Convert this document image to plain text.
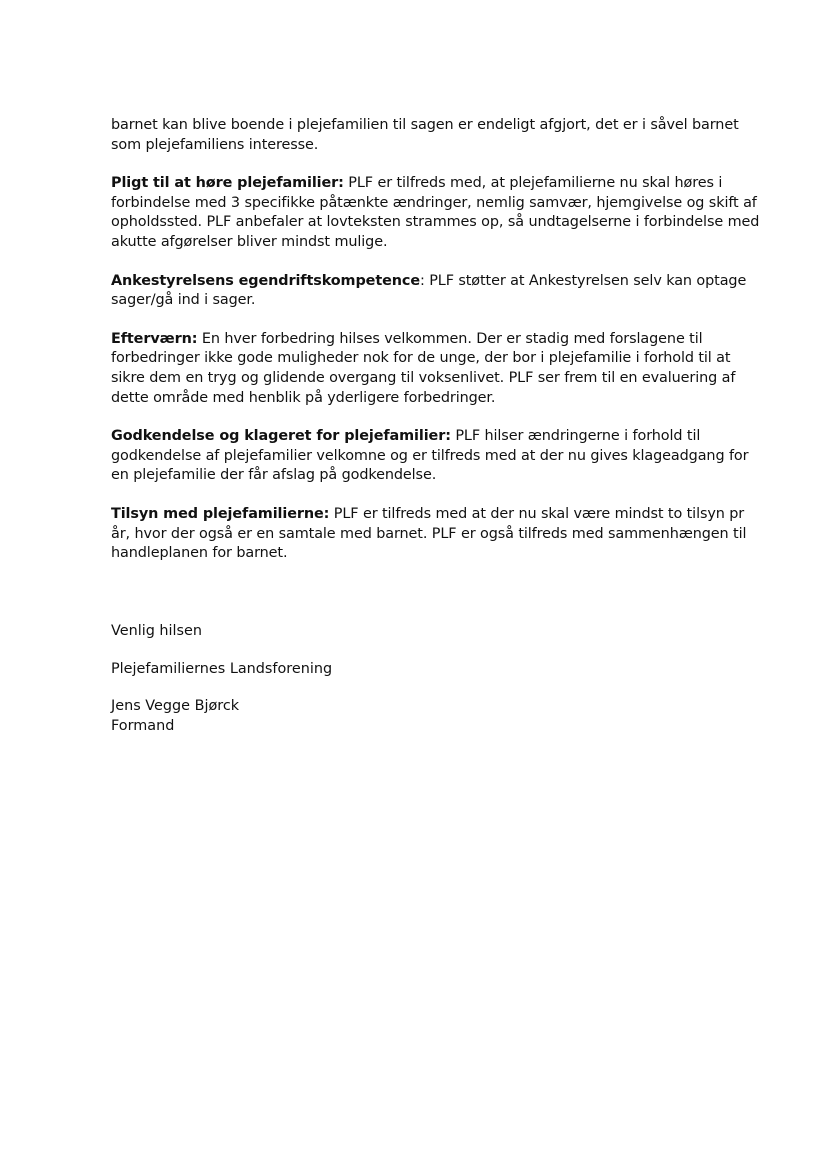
barnet kan blive boende i plejefamilien til sagen er endeligt afgjort, det er i såvel barnet som plejefamiliens interesse.

Pligt til at høre plejefamilier: PLF er tilfreds med, at plejefamilierne nu skal høres i forbindelse med 3 specifikke påtænkte ændringer, nemlig samvær, hjemgivelse og skift af opholdssted. PLF anbefaler at lovteksten strammes op, så undtagelserne i forbindelse med akutte afgørelser bliver mindst mulige.

Ankestyrelsens egendriftskompetence: PLF støtter at Ankestyrelsen selv kan optage sager/gå ind i sager.

Efterværn: En hver forbedring hilses velkommen. Der er stadig med forslagene til forbedringer ikke gode muligheder nok for de unge, der bor i plejefamilie i forhold til at sikre dem en tryg og glidende overgang til voksenlivet. PLF ser frem til en evaluering af dette område med henblik på yderligere forbedringer.

Godkendelse og klageret for plejefamilier: PLF hilser ændringerne i forhold til godkendelse af plejefamilier velkomne og er tilfreds med at der nu gives klageadgang for en plejefamilie der får afslag på godkendelse.

Tilsyn med plejefamilierne: PLF er tilfreds med at der nu skal være mindst to tilsyn pr år, hvor der også er en samtale med barnet. PLF er også tilfreds med sammenhængen til handleplanen for barnet.

Venlig hilsen
Plejefamiliernes Landsforening
Jens Vegge Bjørck
Formand
